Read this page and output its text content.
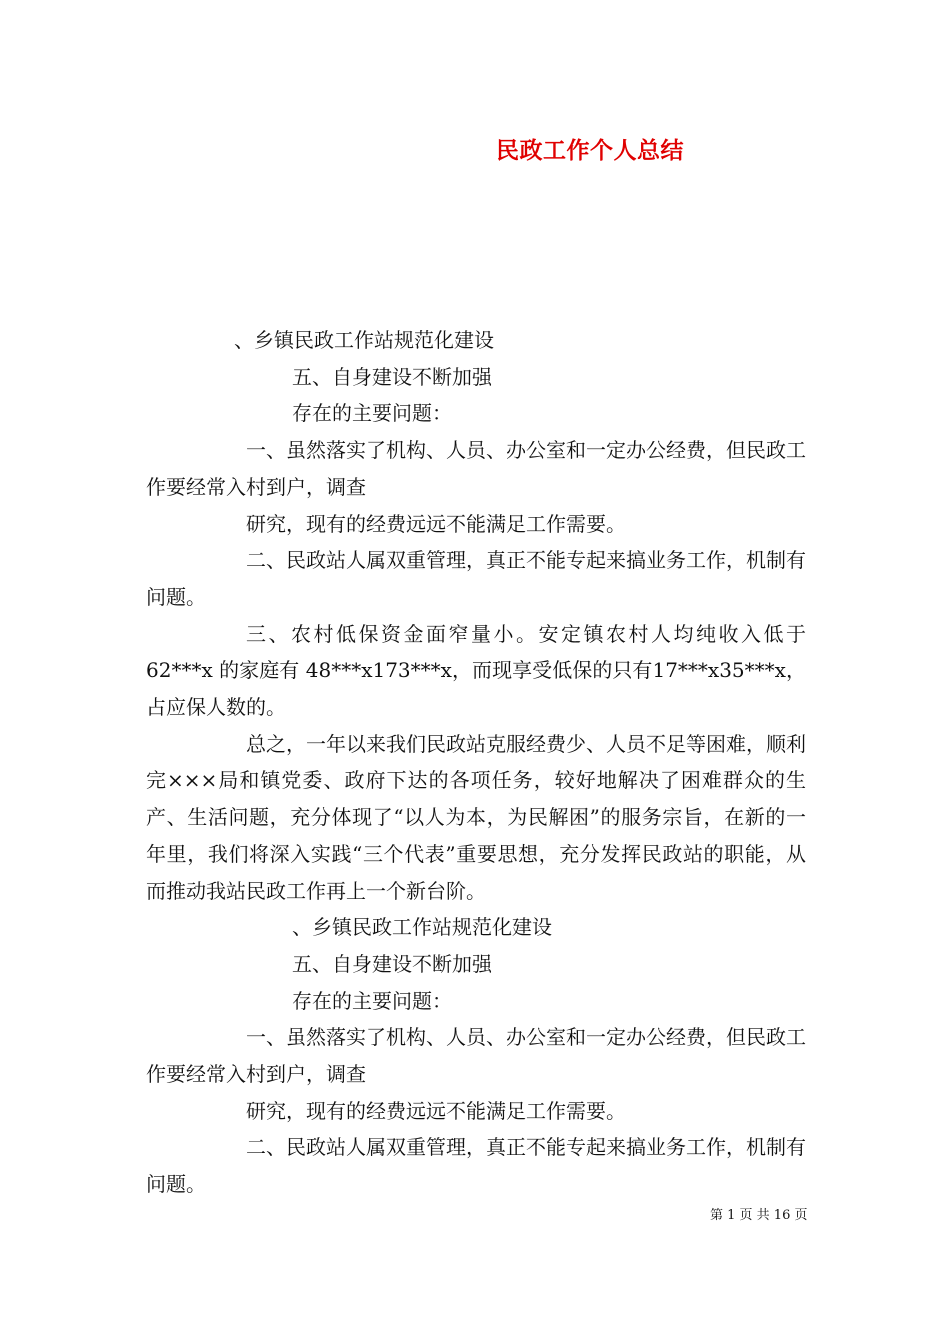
民政工作个人总结

、乡镇民政工作站规范化建设

五、自身建设不断加强

存在的主要问题：

一、虽然落实了机构、人员、办公室和一定办公经费，但民政工作要经常入村到户，调查

研究，现有的经费远远不能满足工作需要。

二、民政站人属双重管理，真正不能专起来搞业务工作，机制有问题。

三、农村低保资金面窄量小。安定镇农村人均纯收入低于62***x 的家庭有 48***x173***x，而现享受低保的只有17***x35***x，占应保人数的。

总之，一年以来我们民政站克服经费少、人员不足等困难，顺利完×××局和镇党委、政府下达的各项任务，较好地解决了困难群众的生产、生活问题，充分体现了“以人为本，为民解困”的服务宗旨，在新的一年里，我们将深入实践“三个代表”重要思想，充分发挥民政站的职能，从而推动我站民政工作再上一个新台阶。

、乡镇民政工作站规范化建设

五、自身建设不断加强

存在的主要问题：

一、虽然落实了机构、人员、办公室和一定办公经费，但民政工作要经常入村到户，调查

研究，现有的经费远远不能满足工作需要。

二、民政站人属双重管理，真正不能专起来搞业务工作，机制有问题。

第 1 页 共 16 页
